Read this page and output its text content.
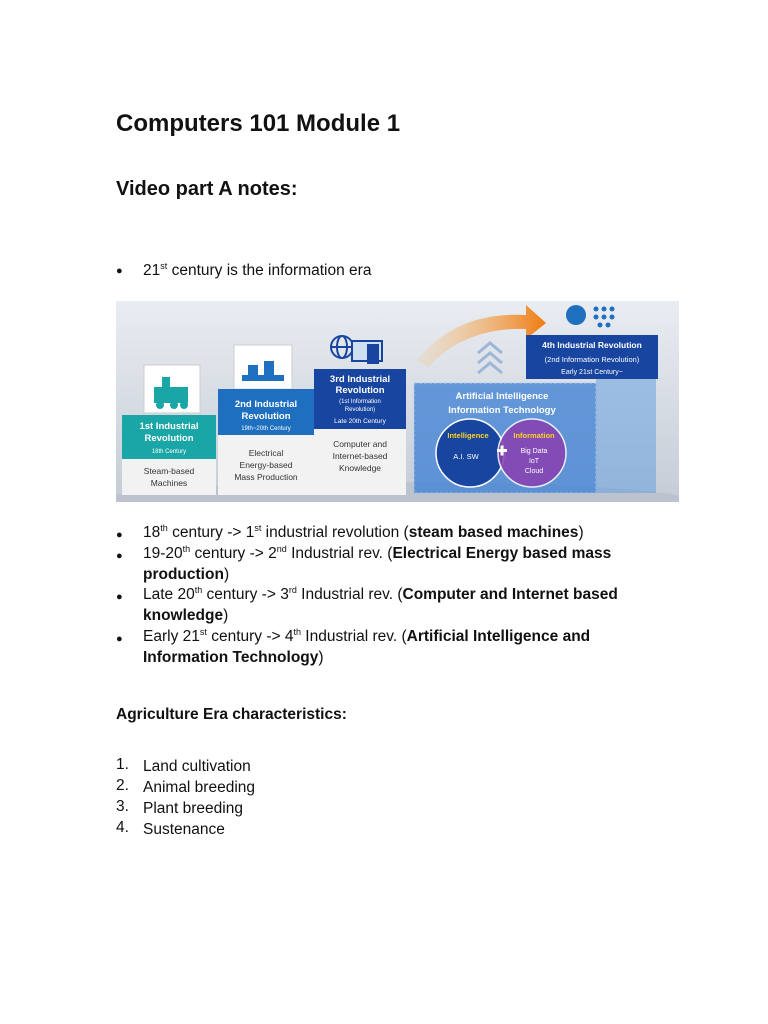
Computers 101 Module 1
Video part A notes:
● 21st century is the information era
1st Industrial
Revolution
18th Century
Steam-based
Machines
2nd Industrial
Revolution
19th~20th Century
Electrical
Energy-based
Mass Production
3rd Industrial
Revolution
(1st Information
Revolution)
Late 20th Century
Computer and
Internet-based
Knowledge
4th Industrial Revolution
(2nd Information Revolution)
Early 21st Century~
Artificial Intelligence
Information Technology
Intelligence
A.I. SW
Information
Big Data
IoT
Cloud
● 18th century -> 1st industrial revolution (steam based machines)
● 19-20th century -> 2nd Industrial rev. (Electrical Energy based mass
production)
● Late 20th century -> 3rd Industrial rev. (Computer and Internet based
knowledge)
● Early 21st century -> 4th Industrial rev. (Artificial Intelligence and
Information Technology)
Agriculture Era characteristics:
1. Land cultivation
2. Animal breeding
3. Plant breeding
4. Sustenance
